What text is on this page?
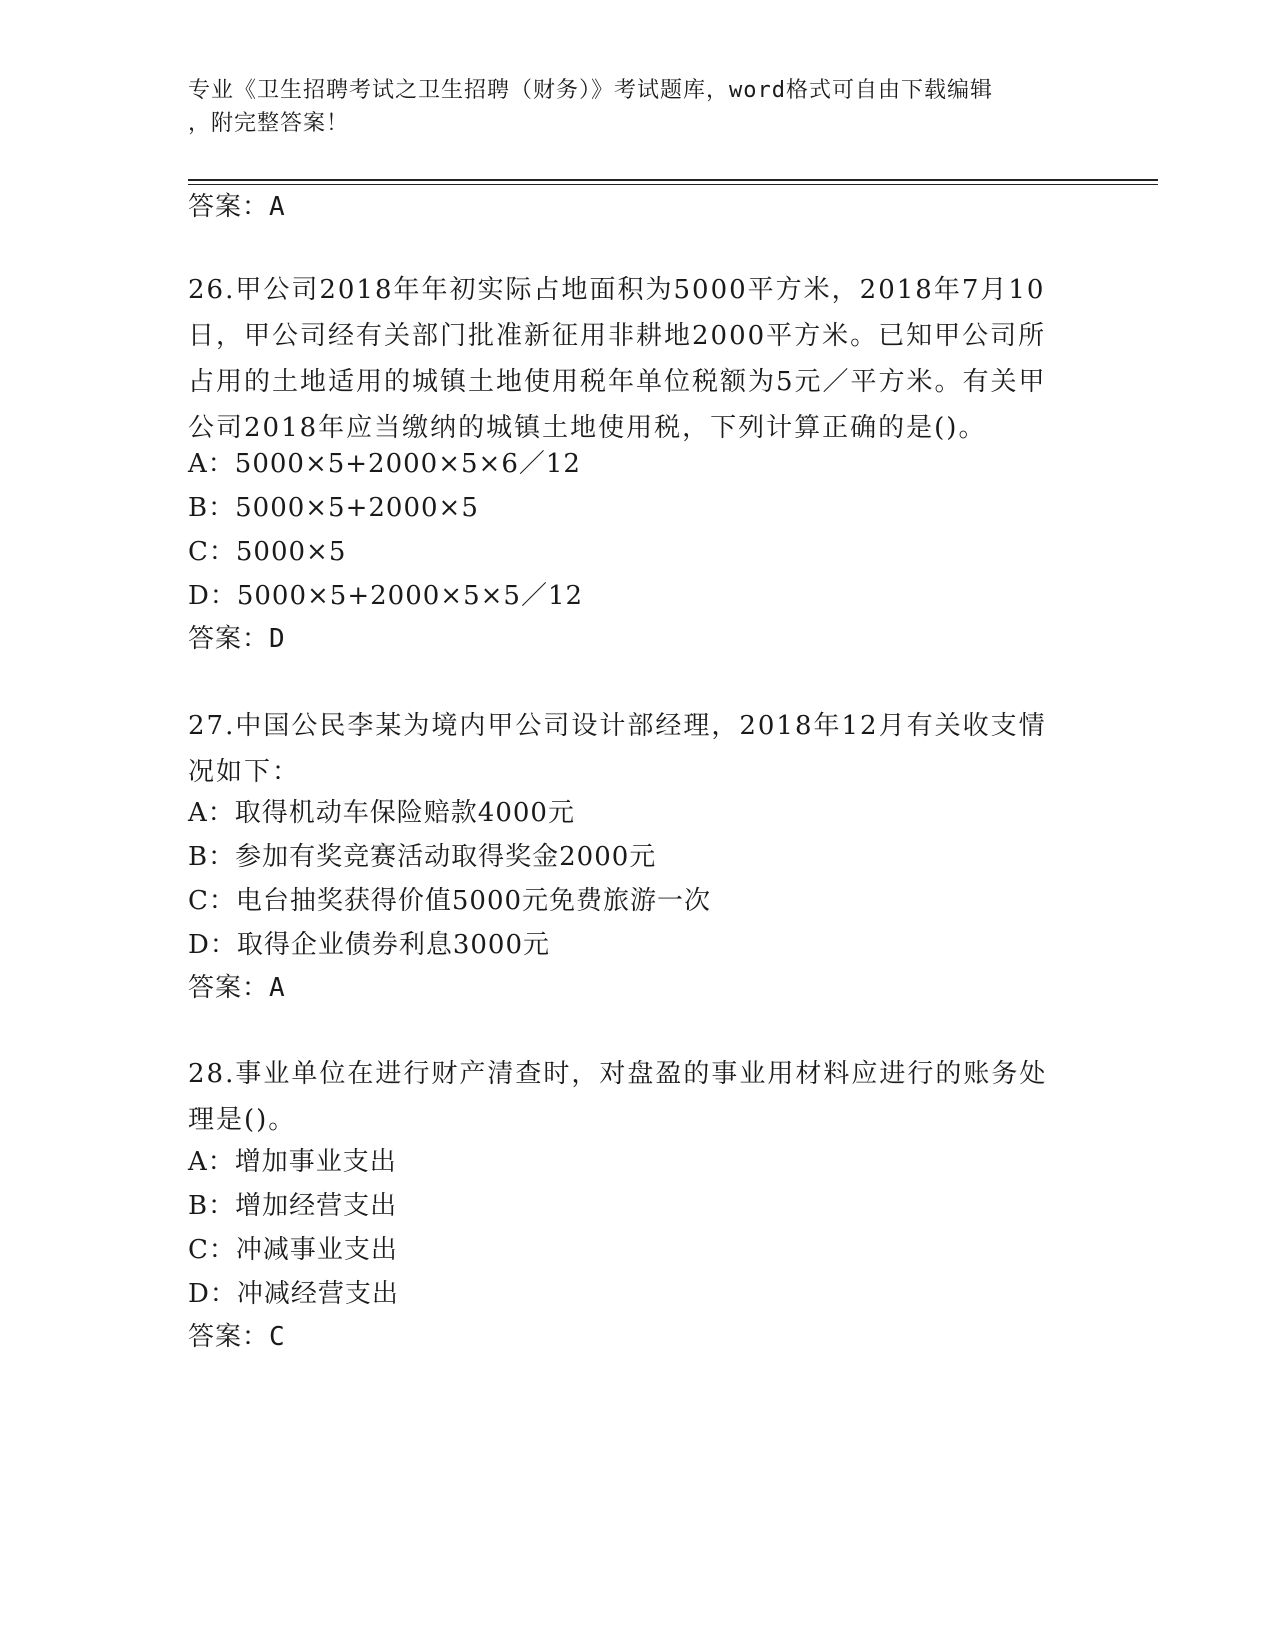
专业《卫生招聘考试之卫生招聘（财务）》考试题库，word格式可自由下载编辑
，附完整答案！
答案：A
26.甲公司2018年年初实际占地面积为5000平方米，2018年7月10日，甲公司经有关部门批准新征用非耕地2000平方米。已知甲公司所占用的土地适用的城镇土地使用税年单位税额为5元／平方米。有关甲公司2018年应当缴纳的城镇土地使用税，下列计算正确的是()。
A：5000×5+2000×5×6／12
B：5000×5+2000×5
C：5000×5
D：5000×5+2000×5×5／12
答案：D
27.中国公民李某为境内甲公司设计部经理，2018年12月有关收支情况如下：
A：取得机动车保险赔款4000元
B：参加有奖竞赛活动取得奖金2000元
C：电台抽奖获得价值5000元免费旅游一次
D：取得企业债券利息3000元
答案：A
28.事业单位在进行财产清查时，对盘盈的事业用材料应进行的账务处理是()。
A：增加事业支出
B：增加经营支出
C：冲减事业支出
D：冲减经营支出
答案：C
